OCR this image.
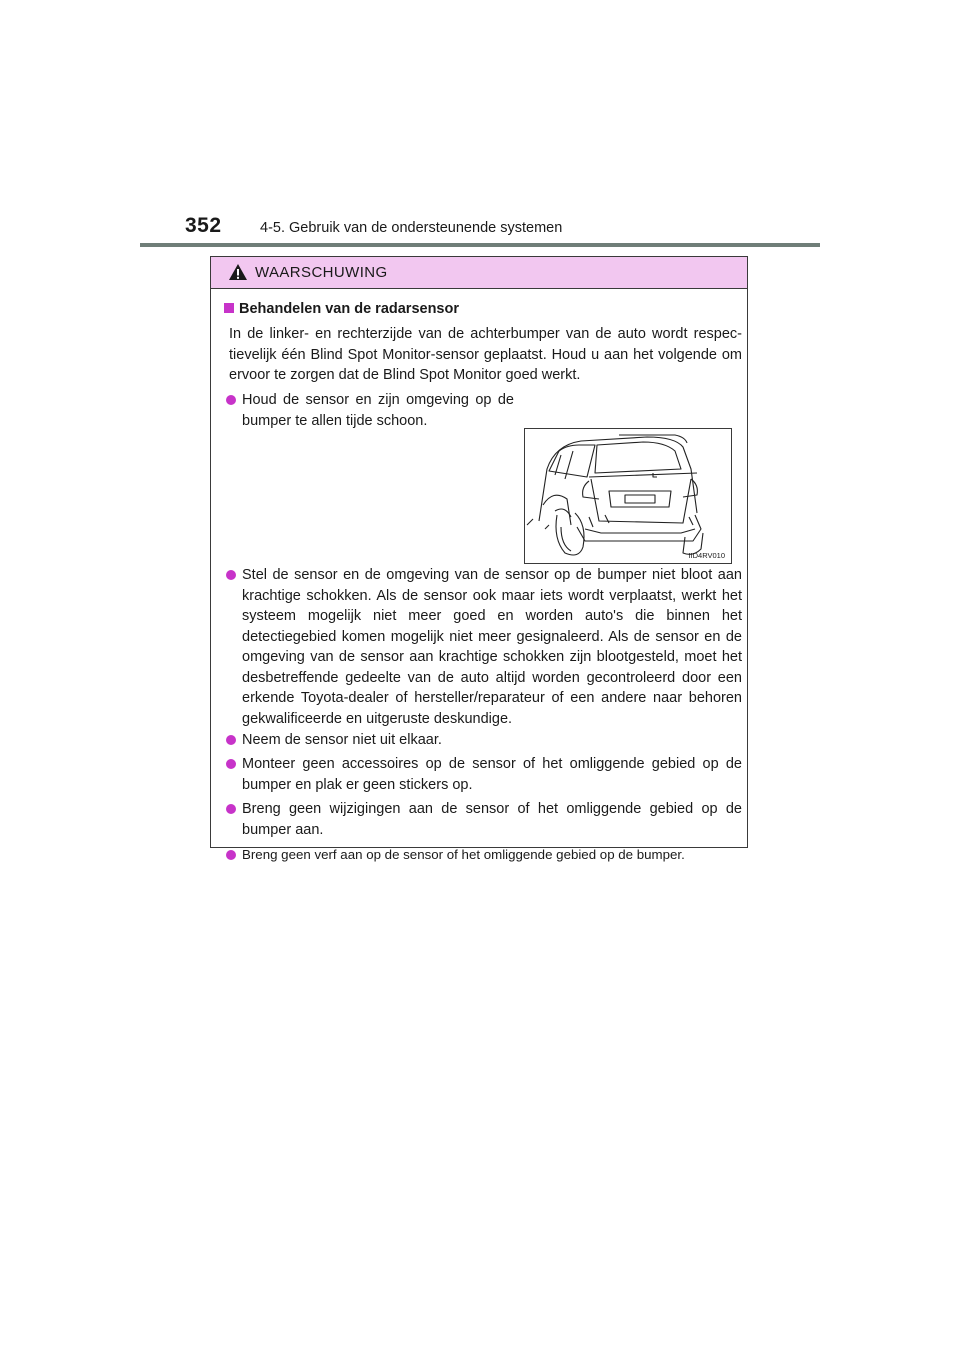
352	4-5. Gebruik van de ondersteunende systemen
WAARSCHUWING
Behandelen van de radarsensor
In de linker- en rechterzijde van de achterbumper van de auto wordt respec-tievelijk één Blind Spot Monitor-sensor geplaatst. Houd u aan het volgende om ervoor te zorgen dat de Blind Spot Monitor goed werkt.
Houd de sensor en zijn omgeving op de bumper te allen tijde schoon.
IID4RV010
Stel de sensor en de omgeving van de sensor op de bumper niet bloot aan krachtige schokken. Als de sensor ook maar iets wordt verplaatst, werkt het systeem mogelijk niet meer goed en worden auto's die binnen het detectiegebied komen mogelijk niet meer gesignaleerd. Als de sensor en de omgeving van de sensor aan krachtige schokken zijn blootgesteld, moet het desbetreffende gedeelte van de auto altijd worden gecontroleerd door een erkende Toyota-dealer of hersteller/reparateur of een andere naar behoren gekwalificeerde en uitgeruste deskundige.
Neem de sensor niet uit elkaar.
Monteer geen accessoires op de sensor of het omliggende gebied op de bumper en plak er geen stickers op.
Breng geen wijzigingen aan de sensor of het omliggende gebied op de bumper aan.
Breng geen verf aan op de sensor of het omliggende gebied op de bumper.
